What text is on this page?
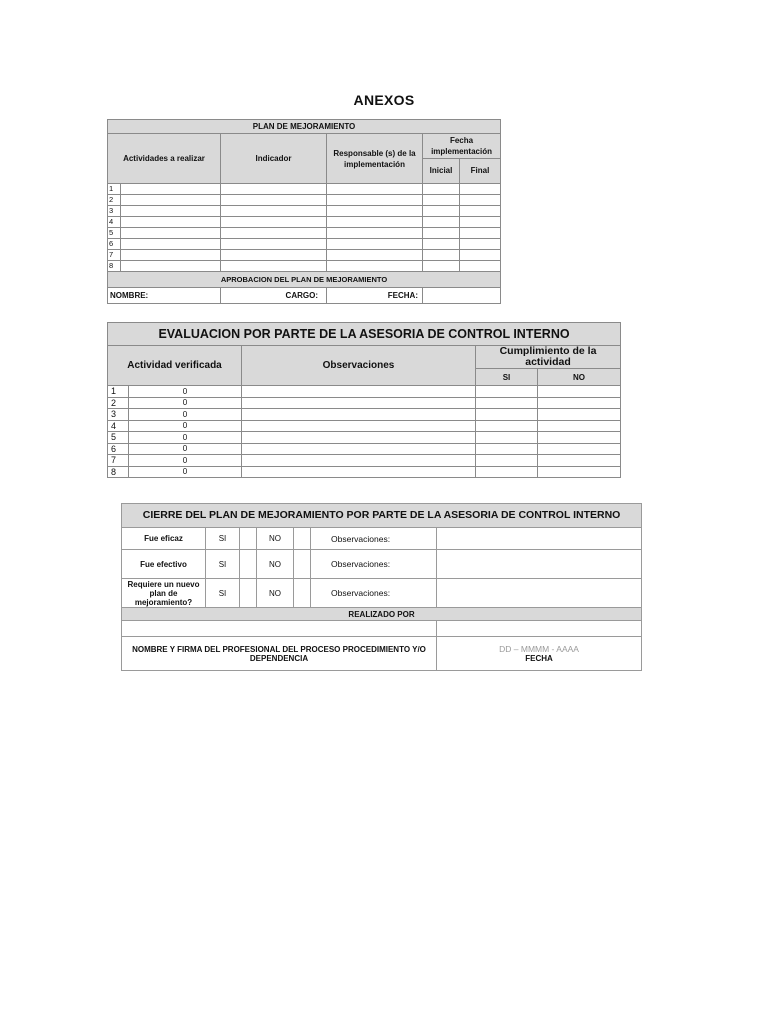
ANEXOS
PLAN DE MEJORAMIENTO					
Actividades a realizar		Indicador	Responsable (s) de la implementación	Fecha implementación	
				Inicial	Final
1					
2					
3					
4					
5					
6					
7					
8					
APROBACION DEL PLAN DE MEJORAMIENTO					
NOMBRE:		CARGO:	FECHA:		

EVALUACION POR PARTE DE LA ASESORIA DE CONTROL INTERNO				
Actividad verificada		Observaciones	Cumplimiento de la actividad	
			SI	NO
1	0			
2	0			
3	0			
4	0			
5	0			
6	0			
7	0			
8	0			
CIERRE DEL PLAN DE MEJORAMIENTO POR PARTE DE LA ASESORIA DE CONTROL INTERNO						
Fue eficaz	SI		NO		Observaciones:	
Fue efectivo	SI		NO		Observaciones:	
Requiere un nuevo plan de mejoramiento?	SI		NO		Observaciones:	
REALIZADO POR						

NOMBRE Y FIRMA DEL PROFESIONAL DEL PROCESO PROCEDIMIENTO Y/O DEPENDENCIA						DD – MMMM - AAAA
FECHA
